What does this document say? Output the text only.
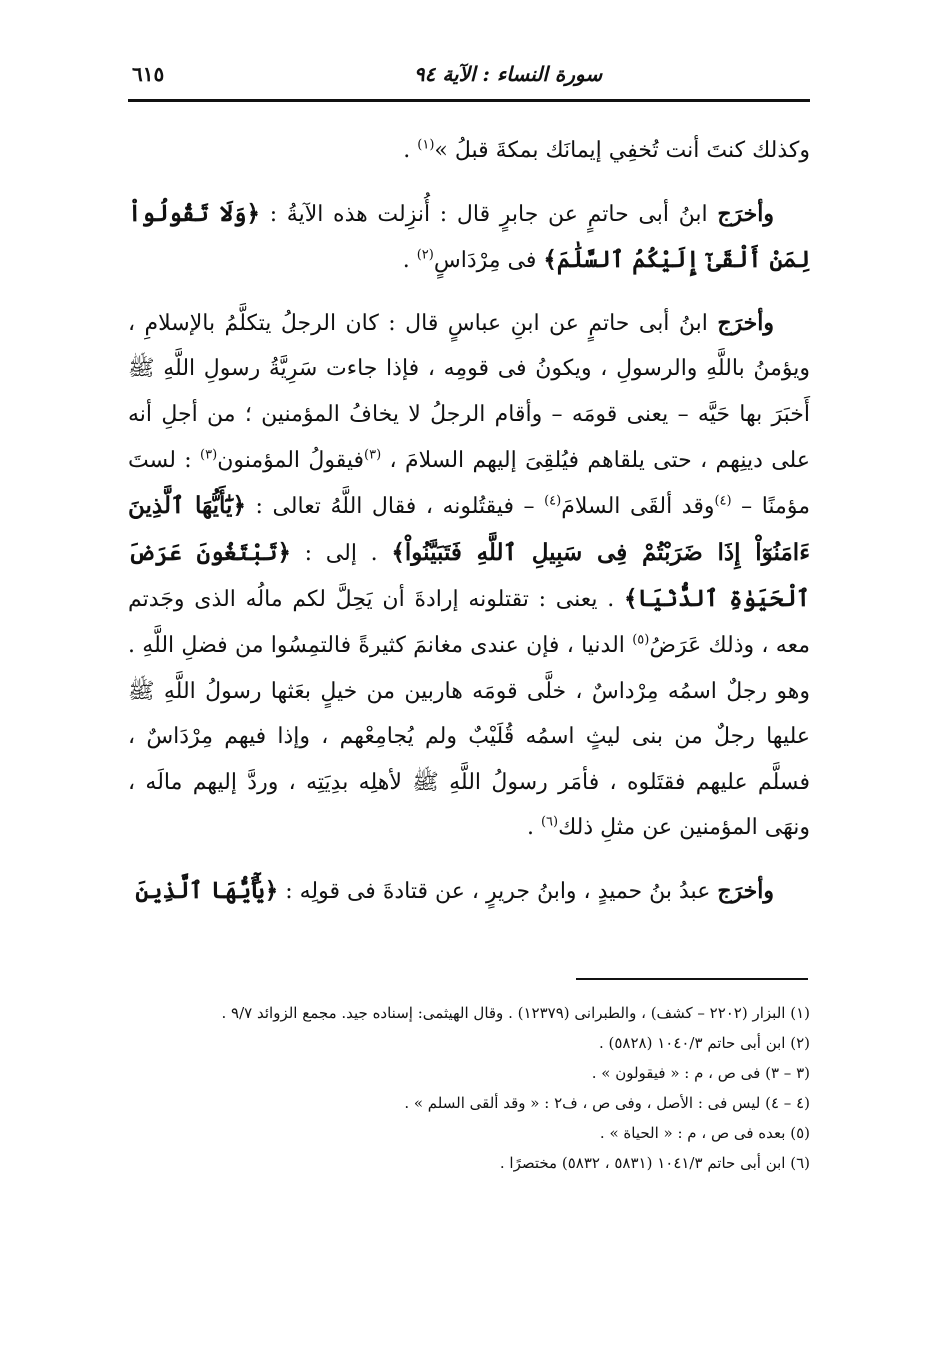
٦١٥	سورة النساء : الآية ٩٤

وكذلك كنتَ أنت تُخفِي إيمانَك بمكةَ قبلُ »$^{(١)}$ .

وأخرَج ابنُ أبى حاتمٍ عن جابرٍ قال : أُنزِلت هذه الآيةُ : ﴿وَلَا تَقُولُواْ لِمَنْ أَلْقَىٰٓ إِلَيْكُمُ ٱلسَّلَٰمَ﴾ فى مِرْدَاسٍ$^{(٢)}$ .

وأخرَج ابنُ أبى حاتمٍ عن ابنِ عباسٍ قال : كان الرجلُ يتكلَّمُ بالإسلامِ ، ويؤمنُ باللَّهِ والرسولِ ، ويكونُ فى قومِه ، فإذا جاءت سَرِيَّةُ رسولِ اللَّهِ ﷺ أَخبَرَ بها حَيَّه – يعنى قومَه – وأقام الرجلُ لا يخافُ المؤمنين ؛ من أجلِ أنه على دينِهم ، حتى يلقاهم فيُلقِىَ إليهم السلامَ ، $^{(٣)}$فيقولُ المؤمنون$^{(٣)}$ : لستَ مؤمنًا – $^{(٤)}$وقد ألقَى السلامَ$^{(٤)}$ – فيقتُلونه ، فقال اللَّهُ تعالى : ﴿يَٰٓأَيُّهَا ٱلَّذِينَ ءَامَنُوٓاْ إِذَا ضَرَبْتُمْ فِى سَبِيلِ ٱللَّهِ فَتَبَيَّنُواْ﴾ . إلى : ﴿تَبْتَغُونَ عَرَضَ ٱلْحَيَوٰةِ ٱلدُّنْيَا﴾ . يعنى : تقتلونه إرادةَ أن يَحِلَّ لكم مالُه الذى وجَدتم معه ، وذلك عَرَضُ$^{(٥)}$ الدنيا ، فإن عندى مغانمَ كثيرةً فالتمِسُوا من فضلِ اللَّهِ . وهو رجلٌ اسمُه مِرْداسٌ ، خلَّى قومَه هاربين من خيلٍ بعَثها رسولُ اللَّهِ ﷺ عليها رجلٌ من بنى ليثٍ اسمُه قُلَيْبٌ ولم يُجامِعْهم ، وإذا فيهم مِرْدَاسٌ ، فسلَّم عليهم فقتَلوه ، فأمَر رسولُ اللَّهِ ﷺ لأهلِه بدِيَتِه ، وردَّ إليهم مالَه ، ونهَى المؤمنين عن مثلِ ذلك$^{(٦)}$ .

وأخرَج عبدُ بنُ حميدٍ ، وابنُ جريرٍ ، عن قتادةَ فى قولِه : ﴿يَٰٓأَيُّهَا ٱلَّذِينَ

(١) البزار (٢٢٠٢ – كشف) ، والطبرانى (١٢٣٧٩) . وقال الهيثمى: إسناده جيد. مجمع الزوائد ٩/٧ .

(٢) ابن أبى حاتم ١٠٤٠/٣ (٥٨٢٨) .

(٣ – ٣) فى ص ، م : « فيقولون » .

(٤ – ٤) ليس فى : الأصل ، وفى ص ، ف٢ : « وقد ألقى السلم » .

(٥) بعده فى ص ، م : « الحياة » .

(٦) ابن أبى حاتم ١٠٤١/٣ (٥٨٣١ ، ٥٨٣٢) مختصرًا .
